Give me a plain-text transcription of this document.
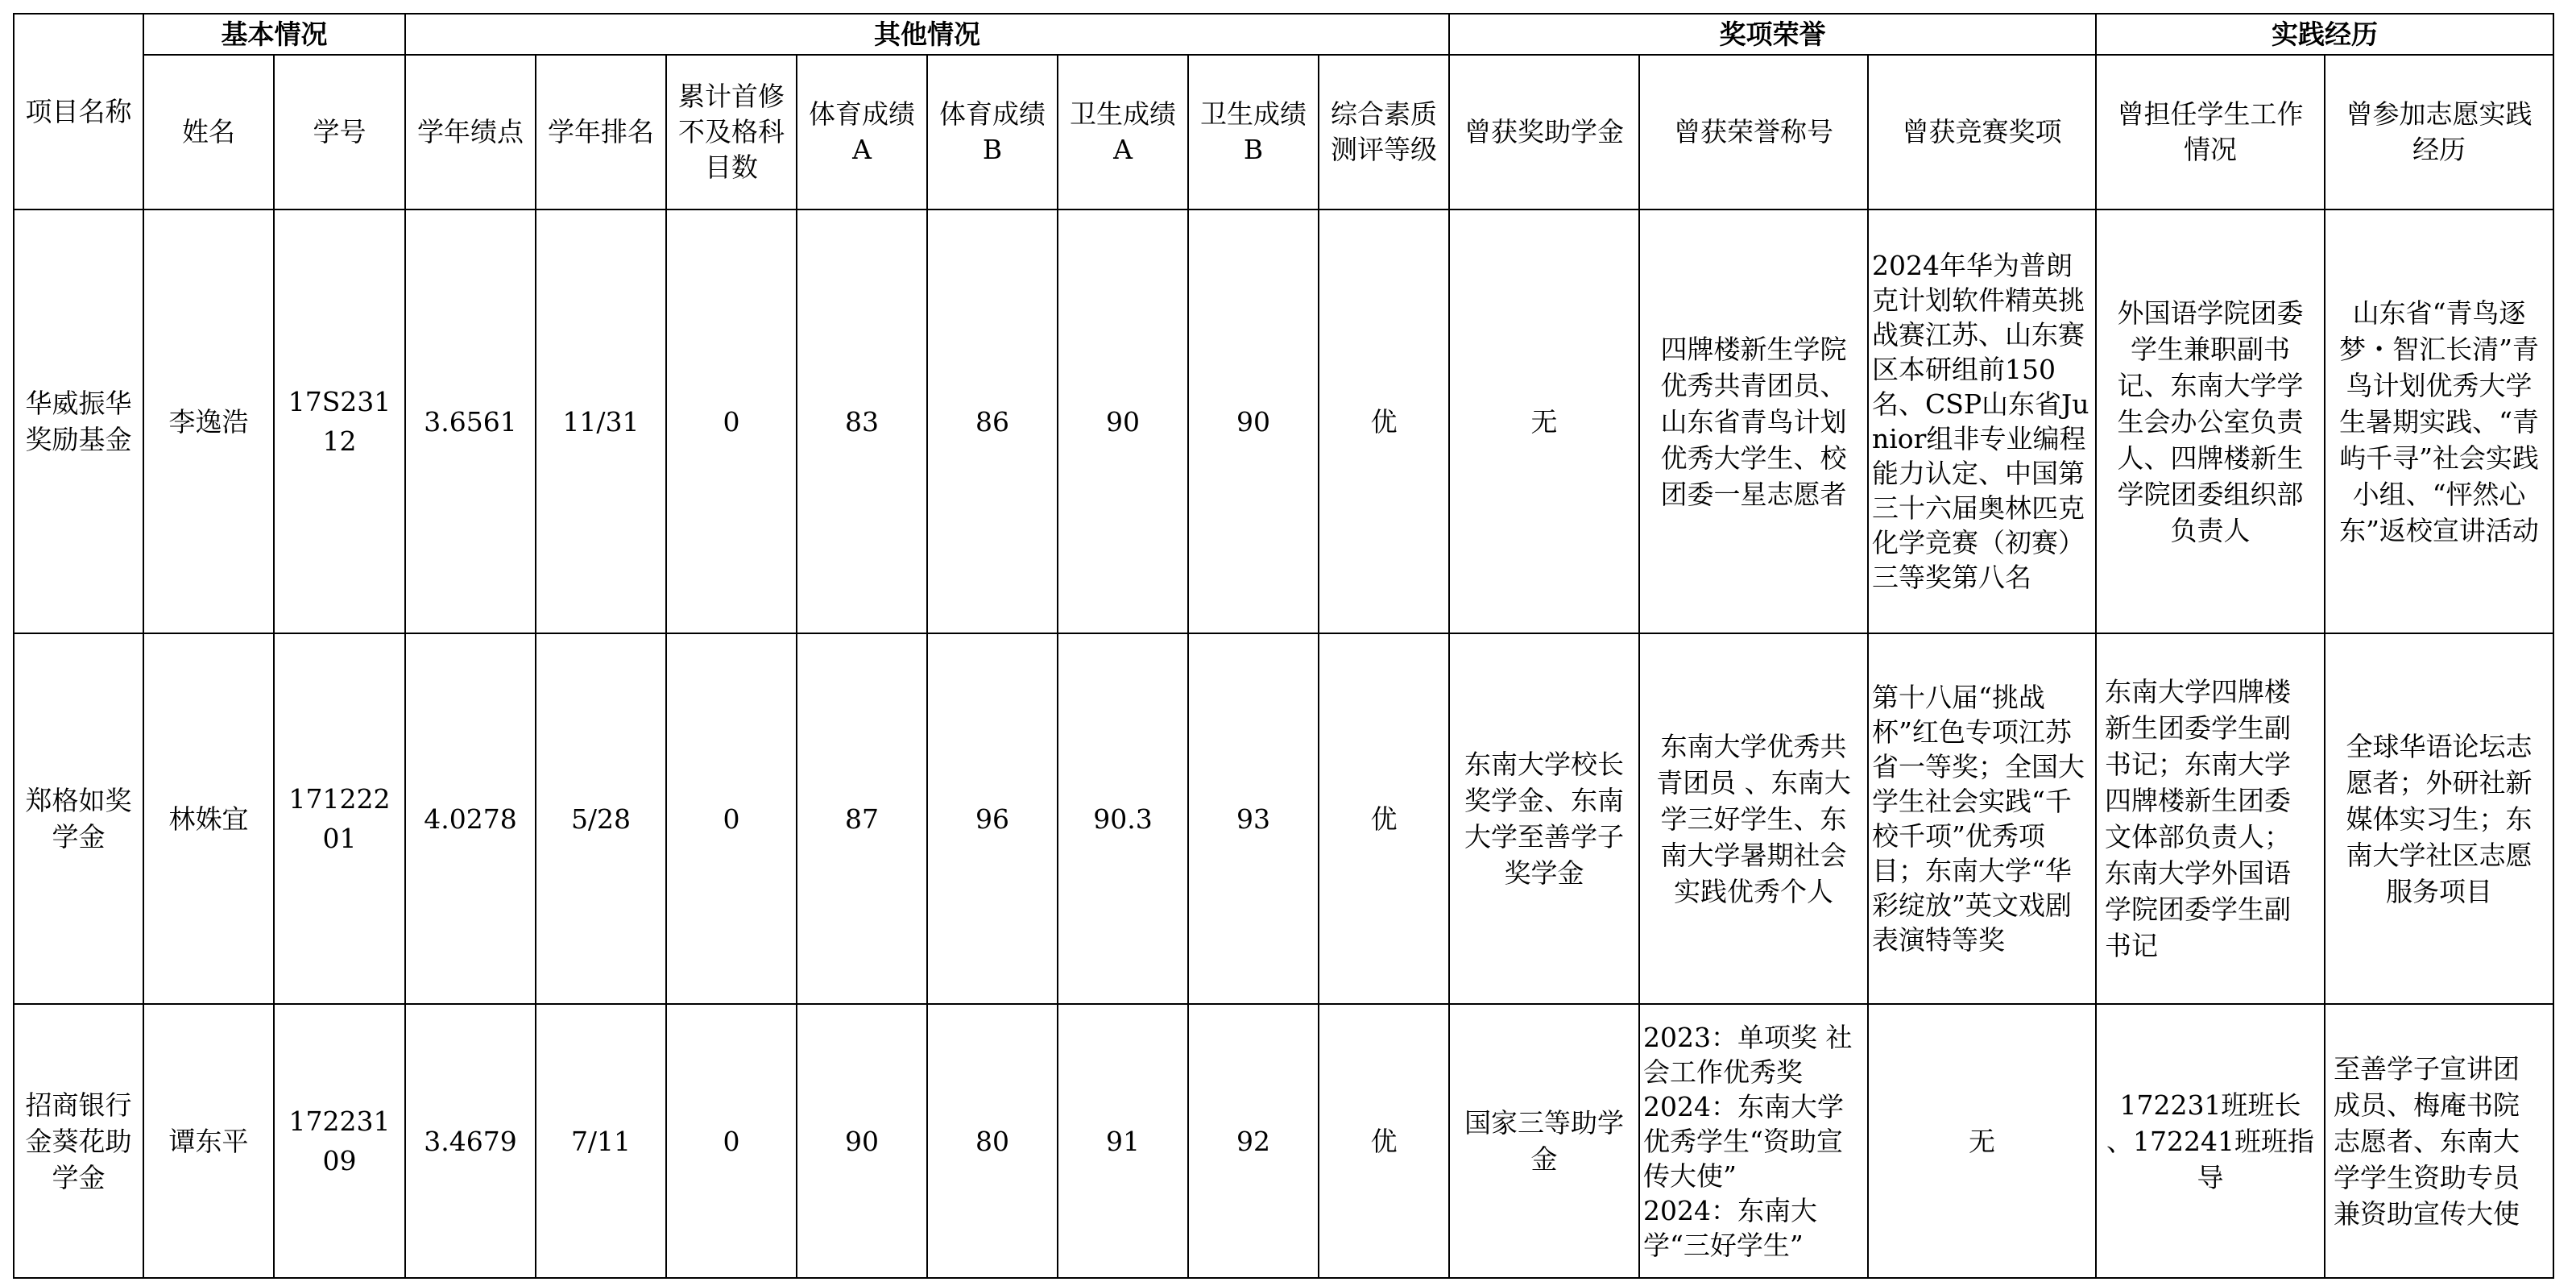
项目名称	基本情况		其他情况								奖项荣誉			实践经历	
	姓名	学号	学年绩点	学年排名	累计首修不及格科目数	体育成绩A	体育成绩B	卫生成绩A	卫生成绩B	综合素质测评等级	曾获奖助学金	曾获荣誉称号	曾获竞赛奖项	曾担任学生工作情况	曾参加志愿实践经历
华威振华奖励基金	李逸浩	17S23112	3.6561	11/31	0	83	86	90	90	优	无	四牌楼新生学院优秀共青团员、山东省青鸟计划优秀大学生、校团委一星志愿者	2024年华为普朗克计划软件精英挑战赛江苏、山东赛区本研组前150名、CSP山东省Junior组非专业编程能力认定、中国第三十六届奥林匹克化学竞赛（初赛）三等奖第八名	外国语学院团委学生兼职副书记、东南大学学生会办公室负责人、四牌楼新生学院团委组织部负责人	山东省“青鸟逐梦・智汇长清”青鸟计划优秀大学生暑期实践、“青屿千寻”社会实践小组、“怦然心东”返校宣讲活动
郑格如奖学金	林姝宜	17122201	4.0278	5/28	0	87	96	90.3	93	优	东南大学校长奖学金、东南大学至善学子奖学金	东南大学优秀共青团员 、东南大学三好学生、东南大学暑期社会实践优秀个人	第十八届“挑战杯”红色专项江苏省一等奖；全国大学生社会实践“千校千项”优秀项目；东南大学“华彩绽放”英文戏剧表演特等奖	东南大学四牌楼新生团委学生副书记；东南大学四牌楼新生团委文体部负责人；东南大学外国语学院团委学生副书记	全球华语论坛志愿者；外研社新媒体实习生；东南大学社区志愿服务项目
招商银行金葵花助学金	谭东平	17223109	3.4679	7/11	0	90	80	91	92	优	国家三等助学金	2023：单项奖 社会工作优秀奖
2024：东南大学优秀学生“资助宣传大使”
2024：东南大学“三好学生”	无	172231班班长 、172241班班指导	至善学子宣讲团成员、梅庵书院志愿者、东南大学学生资助专员兼资助宣传大使
